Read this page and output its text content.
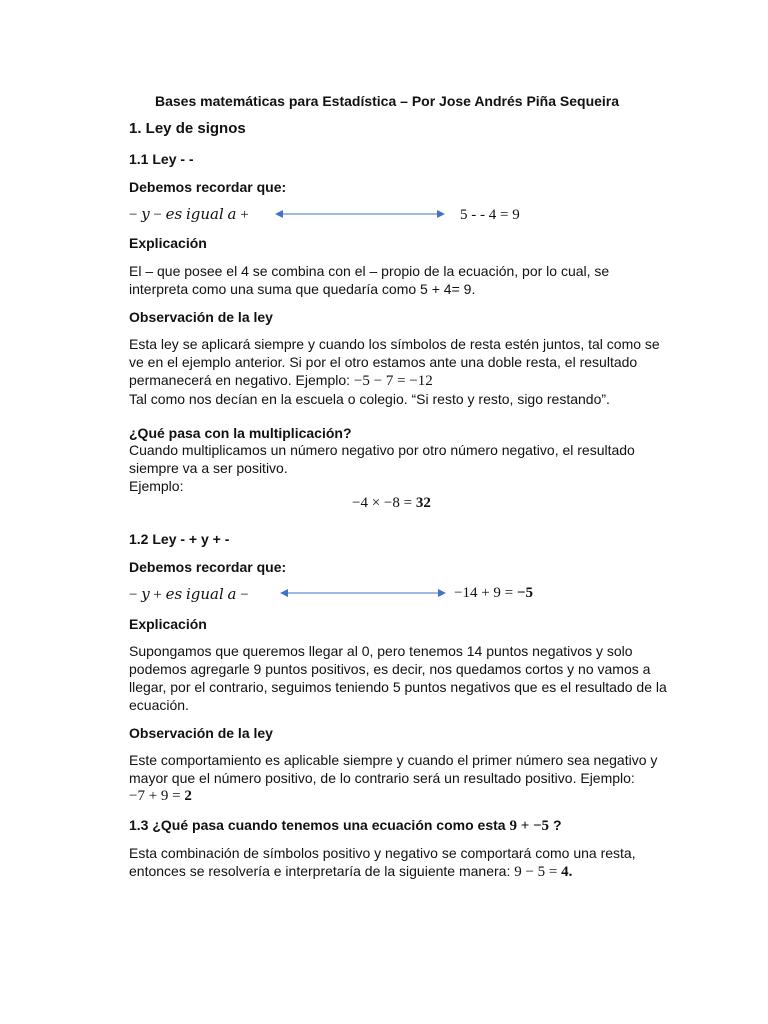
Bases matemáticas para Estadística – Por Jose Andrés Piña Sequeira
1. Ley de signos
1.1 Ley - -
Debemos recordar que:
− 𝑦 − 𝑒𝑠 𝑖𝑔𝑢𝑎𝑙 𝑎 +	5 - - 4 = 9
Explicación

El – que posee el 4 se combina con el – propio de la ecuación, por lo cual, se

interpreta como una suma que quedaría como 5 + 4= 9.

Observación de la ley

Esta ley se aplicará siempre y cuando los símbolos de resta estén juntos, tal como se

ve en el ejemplo anterior. Si por el otro estamos ante una doble resta, el resultado

permanecerá en negativo. Ejemplo: −5 − 7 = −12

Tal como nos decían en la escuela o colegio. “Si resto y resto, sigo restando”.

¿Qué pasa con la multiplicación?

Cuando multiplicamos un número negativo por otro número negativo, el resultado

siempre va a ser positivo.

Ejemplo:

−4 × −8 = 32
1.2 Ley - + y + -
Debemos recordar que:
− 𝑦 + 𝑒𝑠 𝑖𝑔𝑢𝑎𝑙 𝑎 −	−14 + 9 = −5
Explicación

Supongamos que queremos llegar al 0, pero tenemos 14 puntos negativos y solo

podemos agregarle 9 puntos positivos, es decir, nos quedamos cortos y no vamos a

llegar, por el contrario, seguimos teniendo 5 puntos negativos que es el resultado de la

ecuación.

Observación de la ley

Este comportamiento es aplicable siempre y cuando el primer número sea negativo y

mayor que el número positivo, de lo contrario será un resultado positivo. Ejemplo:

−7 + 9 = 2

1.3 ¿Qué pasa cuando tenemos una ecuación como esta 9 + −5 ?

Esta combinación de símbolos positivo y negativo se comportará como una resta,

entonces se resolvería e interpretaría de la siguiente manera: 9 − 5 = 4.
